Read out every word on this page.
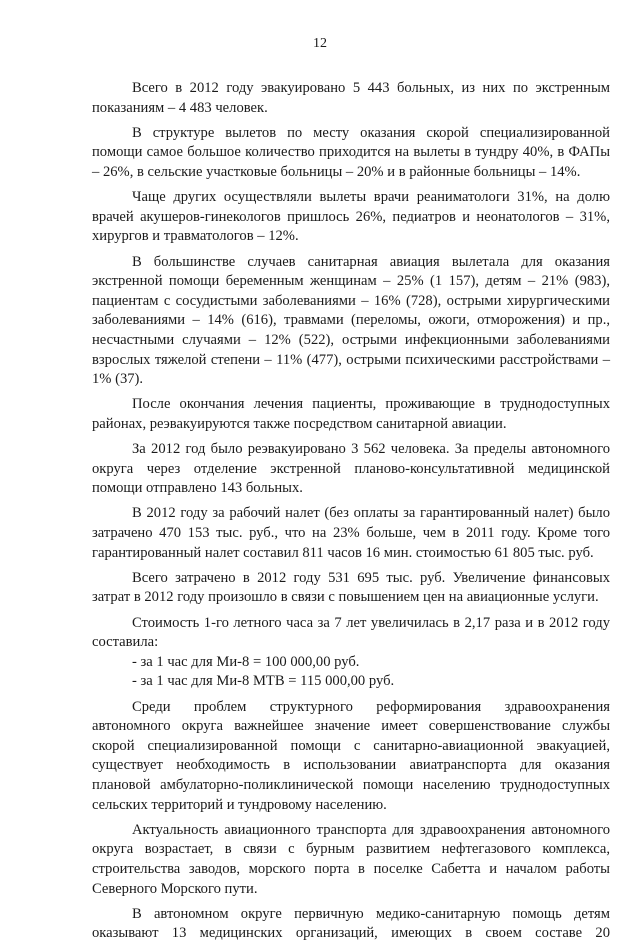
12

Всего в 2012 году эвакуировано 5 443 больных, из них по экстренным показаниям – 4 483 человек.

В структуре вылетов по месту оказания скорой специализированной помощи самое большое количество приходится на вылеты в тундру 40%, в ФАПы – 26%, в сельские участковые больницы – 20% и в районные больницы – 14%.

Чаще других осуществляли вылеты врачи реаниматологи 31%, на долю врачей акушеров-гинекологов пришлось 26%, педиатров и неонатологов – 31%, хирургов и травматологов – 12%.

В большинстве случаев санитарная авиация вылетала для оказания экстренной помощи беременным женщинам – 25% (1 157), детям – 21% (983), пациентам с сосудистыми заболеваниями – 16% (728), острыми хирургическими заболеваниями – 14% (616), травмами (переломы, ожоги, отморожения) и пр., несчастными случаями – 12% (522), острыми инфекционными заболеваниями взрослых тяжелой степени – 11% (477), острыми психическими расстройствами – 1% (37).

После окончания лечения пациенты, проживающие в труднодоступных районах, реэвакуируются также посредством санитарной авиации.

За 2012 год было реэвакуировано 3 562 человека. За пределы автономного округа через отделение экстренной планово-консультативной медицинской помощи отправлено 143 больных.

В 2012 году за рабочий налет (без оплаты за гарантированный налет) было затрачено 470 153 тыс. руб., что на 23% больше, чем в 2011 году. Кроме того гарантированный налет составил 811 часов 16 мин. стоимостью 61 805 тыс. руб.

Всего затрачено в 2012 году 531 695 тыс. руб. Увеличение финансовых затрат в 2012 году произошло в связи с повышением цен на авиационные услуги.

Стоимость 1-го летного часа за 7 лет увеличилась в 2,17 раза и в 2012 году составила:

- за 1 час для Ми-8 = 100 000,00 руб.

- за 1 час для Ми-8 МТВ = 115 000,00 руб.

Среди проблем структурного реформирования здравоохранения автономного округа важнейшее значение имеет совершенствование службы скорой специализированной помощи с санитарно-авиационной эвакуацией, существует необходимость в использовании авиатранспорта для оказания плановой амбулаторно-поликлинической помощи населению труднодоступных сельских территорий и тундровому населению.

Актуальность авиационного транспорта для здравоохранения автономного округа возрастает, в связи с бурным развитием нефтегазового комплекса, строительства заводов, морского порта в поселке Сабетта и началом работы Северного Морского пути.

В автономном округе первичную медико-санитарную помощь детям оказывают 13 медицинских организаций, имеющих в своем составе 20
